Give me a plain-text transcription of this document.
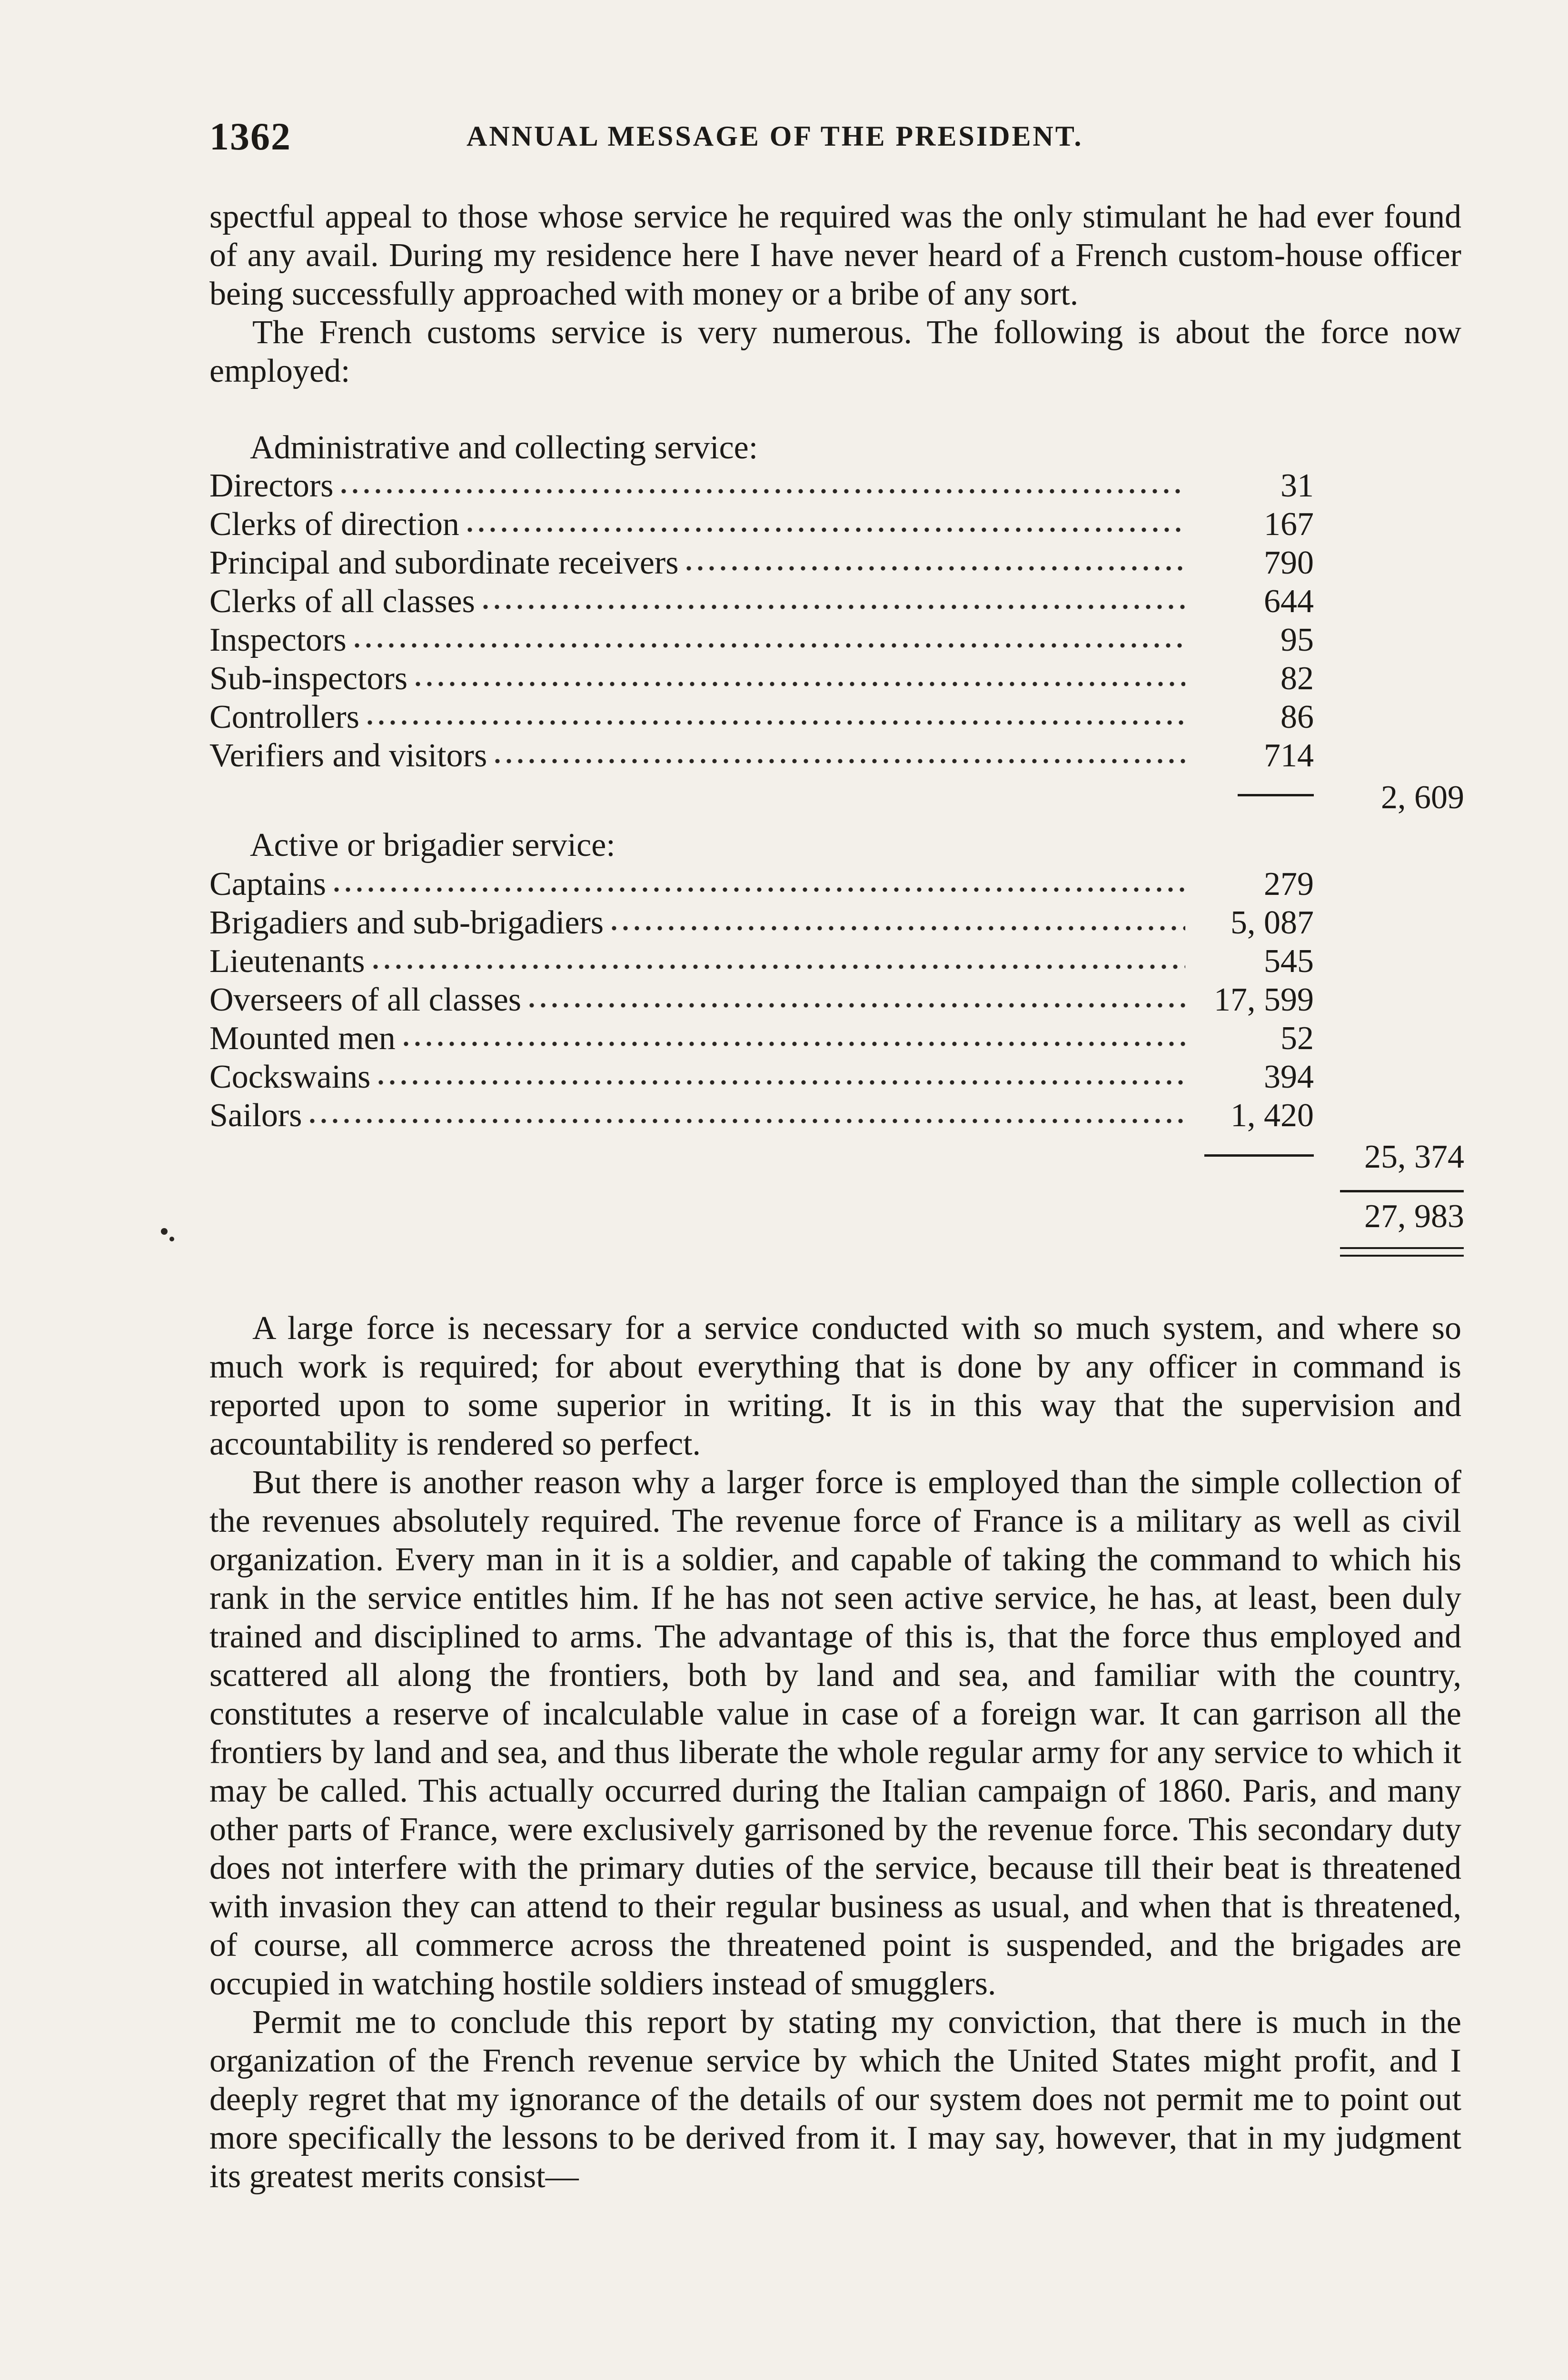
1362	ANNUAL MESSAGE OF THE PRESIDENT.

spectful appeal to those whose service he required was the only stimulant he had ever found of any avail. During my residence here I have never heard of a French custom-house officer being successfully approached with money or a bribe of any sort.

The French customs service is very numerous. The following is about the force now employed:

Administrative and collecting service:
Directors	31
Clerks of direction	167
Principal and subordinate receivers	790
Clerks of all classes	644
Inspectors	95
Sub-inspectors	82
Controllers	86
Verifiers and visitors	714
2, 609
Active or brigadier service:
Captains	279
Brigadiers and sub-brigadiers	5, 087
Lieutenants	545
Overseers of all classes	17, 599
Mounted men	52
Cockswains	394
Sailors	1, 420
25, 374
27, 983

A large force is necessary for a service conducted with so much system, and where so much work is required; for about everything that is done by any officer in command is reported upon to some superior in writing. It is in this way that the supervision and accountability is rendered so perfect.

But there is another reason why a larger force is employed than the simple collection of the revenues absolutely required. The revenue force of France is a military as well as civil organization. Every man in it is a soldier, and capable of taking the command to which his rank in the service entitles him. If he has not seen active service, he has, at least, been duly trained and disciplined to arms. The advantage of this is, that the force thus employed and scattered all along the frontiers, both by land and sea, and familiar with the country, constitutes a reserve of incalculable value in case of a foreign war. It can garrison all the frontiers by land and sea, and thus liberate the whole regular army for any service to which it may be called. This actually occurred during the Italian campaign of 1860. Paris, and many other parts of France, were exclusively garrisoned by the revenue force. This secondary duty does not interfere with the primary duties of the service, because till their beat is threatened with invasion they can attend to their regular business as usual, and when that is threatened, of course, all commerce across the threatened point is suspended, and the brigades are occupied in watching hostile soldiers instead of smugglers.

Permit me to conclude this report by stating my conviction, that there is much in the organization of the French revenue service by which the United States might profit, and I deeply regret that my ignorance of the details of our system does not permit me to point out more specifically the lessons to be derived from it. I may say, however, that in my judgment its greatest merits consist—
